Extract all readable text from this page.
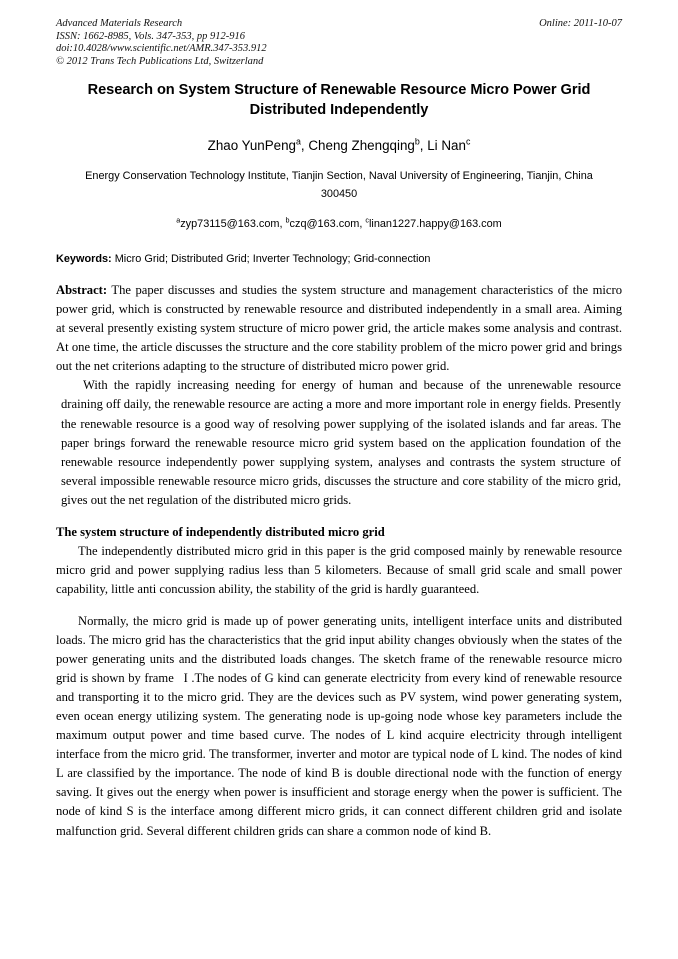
Advanced Materials Research
ISSN: 1662-8985, Vols. 347-353, pp 912-916
doi:10.4028/www.scientific.net/AMR.347-353.912
© 2012 Trans Tech Publications Ltd, Switzerland
Online: 2011-10-07
Research on System Structure of Renewable Resource Micro Power Grid Distributed Independently
Zhao YunPeng$^a$, Cheng Zhengqing$^b$, Li Nan$^c$
Energy Conservation Technology Institute, Tianjin Section, Naval University of Engineering, Tianjin, China 300450
$^a$zyp73115@163.com, $^b$czq@163.com, $^c$linan1227.happy@163.com
Keywords: Micro Grid; Distributed Grid; Inverter Technology; Grid-connection
Abstract: The paper discusses and studies the system structure and management characteristics of the micro power grid, which is constructed by renewable resource and distributed independently in a small area. Aiming at several presently existing system structure of micro power grid, the article makes some analysis and contrast. At one time, the article discusses the structure and the core stability problem of the micro power grid and brings out the net criterions adapting to the structure of distributed micro power grid.

With the rapidly increasing needing for energy of human and because of the unrenewable resource draining off daily, the renewable resource are acting a more and more important role in energy fields. Presently the renewable resource is a good way of resolving power supplying of the isolated islands and far areas. The paper brings forward the renewable resource micro grid system based on the application foundation of the renewable resource independently power supplying system, analyses and contrasts the system structure of several impossible renewable resource micro grids, discusses the structure and core stability of the micro grid, gives out the net regulation of the distributed micro grids.

The system structure of independently distributed micro grid

The independently distributed micro grid in this paper is the grid composed mainly by renewable resource micro grid and power supplying radius less than 5 kilometers. Because of small grid scale and small power capability, little anti concussion ability, the stability of the grid is hardly guaranteed.

Normally, the micro grid is made up of power generating units, intelligent interface units and distributed loads. The micro grid has the characteristics that the grid input ability changes obviously when the states of the power generating units and the distributed loads changes. The sketch frame of the renewable resource micro grid is shown by frame  I .The nodes of G kind can generate electricity from every kind of renewable resource and transporting it to the micro grid. They are the devices such as PV system, wind power generating system, even ocean energy utilizing system. The generating node is up-going node whose key parameters include the maximum output power and time based curve. The nodes of L kind acquire electricity through intelligent interface from the micro grid. The transformer, inverter and motor are typical node of L kind. The nodes of kind L are classified by the importance. The node of kind B is double directional node with the function of energy saving. It gives out the energy when power is insufficient and storage energy when the power is sufficient. The node of kind S is the interface among different micro grids, it can connect different children grid and isolate malfunction grid. Several different children grids can share a common node of kind B.
